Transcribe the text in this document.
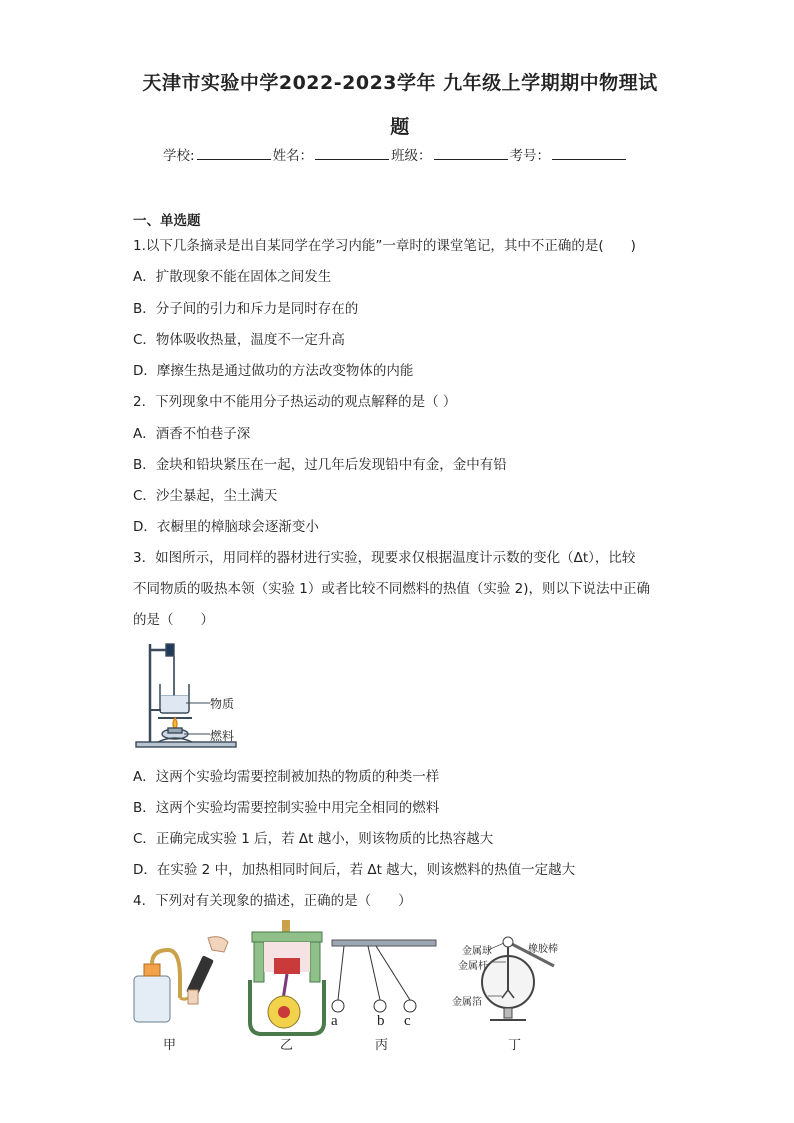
天津市实验中学2022-2023学年 九年级上学期期中物理试
题
学校:	姓名：	班级：	考号：
一、单选题
1.以下几条摘录是出自某同学在学习内能”一章时的课堂笔记，其中不正确的是(　　)
A．扩散现象不能在固体之间发生
B．分子间的引力和斥力是同时存在的
C．物体吸收热量，温度不一定升高
D．摩擦生热是通过做功的方法改变物体的内能
2．下列现象中不能用分子热运动的观点解释的是（ ）
A．酒香不怕巷子深
B．金块和铅块紧压在一起，过几年后发现铅中有金，金中有铅
C．沙尘暴起，尘土满天
D．衣橱里的樟脑球会逐渐变小
3．如图所示，用同样的器材进行实验，现要求仅根据温度计示数的变化（Δt），比较
不同物质的吸热本领（实验 1）或者比较不同燃料的热值（实验 2)，则以下说法中正确
的是（　　）
物质
燃料
A．这两个实验均需要控制被加热的物质的种类一样
B．这两个实验均需要控制实验中用完全相同的燃料
C．正确完成实验 1 后，若 Δt 越小，则该物质的比热容越大
D．在实验 2 中，加热相同时间后，若 Δt 越大，则该燃料的热值一定越大
4．下列对有关现象的描述，正确的是（　　）
a	b c
金属球
金属杆
橡胶棒
金属箔
甲	乙	丙	丁
